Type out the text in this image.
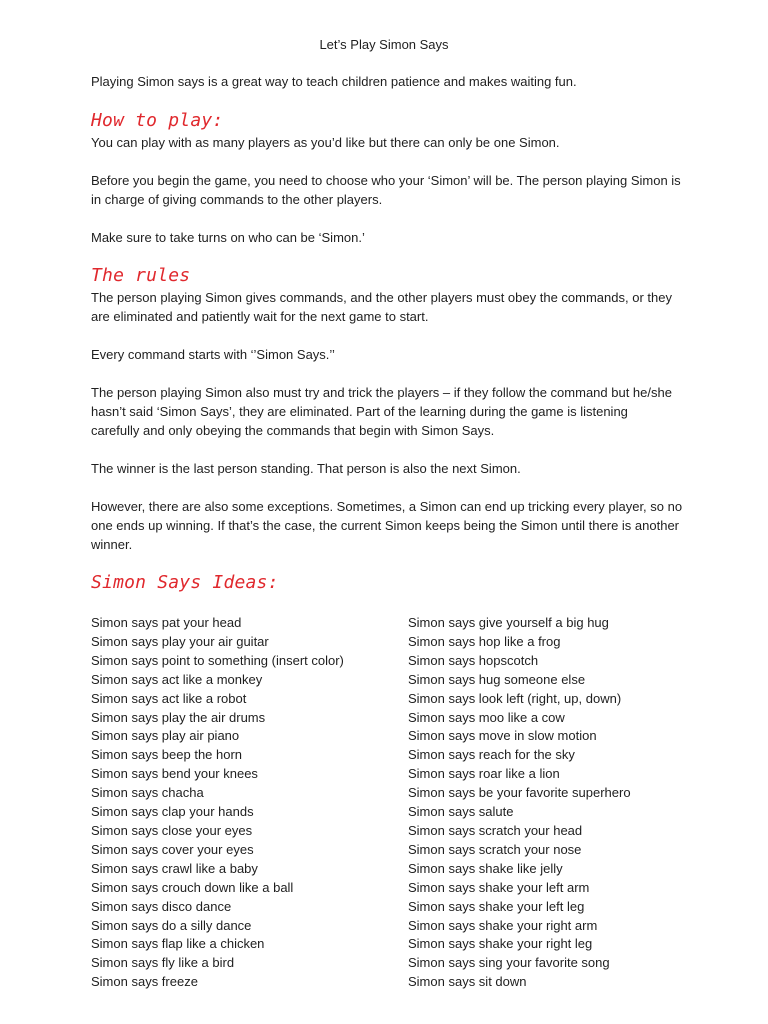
Let’s Play Simon Says
Playing Simon says is a great way to teach children patience and makes waiting fun.
How to play:
You can play with as many players as you’d like but there can only be one Simon.
Before you begin the game, you need to choose who your ‘Simon’ will be. The person playing Simon is in charge of giving commands to the other players.
Make sure to take turns on who can be ‘Simon.’
The rules
The person playing Simon gives commands, and the other players must obey the commands, or they are eliminated and patiently wait for the next game to start.
Every command starts with ‘’Simon Says.’’
The person playing Simon also must try and trick the players – if they follow the command but he/she hasn’t said ‘Simon Says’, they are eliminated. Part of the learning during the game is listening carefully and only obeying the commands that begin with Simon Says.
The winner is the last person standing. That person is also the next Simon.
However, there are also some exceptions. Sometimes, a Simon can end up tricking every player, so no one ends up winning. If that’s the case, the current Simon keeps being the Simon until there is another winner.
Simon Says Ideas:
Simon says pat your head
Simon says play your air guitar
Simon says point to something (insert color)
Simon says act like a monkey
Simon says act like a robot
Simon says play the air drums
Simon says play air piano
Simon says beep the horn
Simon says bend your knees
Simon says chacha
Simon says clap your hands
Simon says close your eyes
Simon says cover your eyes
Simon says crawl like a baby
Simon says crouch down like a ball
Simon says disco dance
Simon says do a silly dance
Simon says flap like a chicken
Simon says fly like a bird
Simon says freeze
Simon says give yourself a big hug
Simon says hop like a frog
Simon says hopscotch
Simon says hug someone else
Simon says look left (right, up, down)
Simon says moo like a cow
Simon says move in slow motion
Simon says reach for the sky
Simon says roar like a lion
Simon says be your favorite superhero
Simon says salute
Simon says scratch your head
Simon says scratch your nose
Simon says shake like jelly
Simon says shake your left arm
Simon says shake your left leg
Simon says shake your right arm
Simon says shake your right leg
Simon says sing your favorite song
Simon says sit down
